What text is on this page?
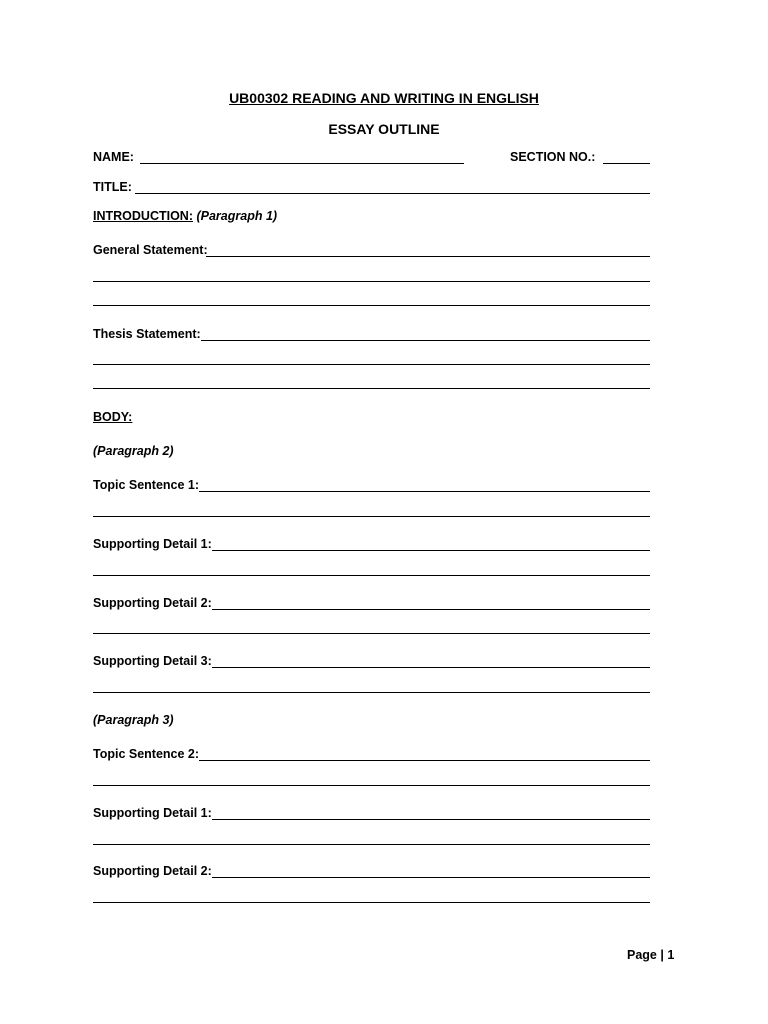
UB00302 READING AND WRITING IN ENGLISH
ESSAY OUTLINE
NAME:	SECTION NO.:
TITLE:
INTRODUCTION: (Paragraph 1)
General Statement:
Thesis Statement:
BODY:
(Paragraph 2)
Topic Sentence 1:
Supporting Detail 1:
Supporting Detail 2:
Supporting Detail 3:
(Paragraph 3)
Topic Sentence 2:
Supporting Detail 1:
Supporting Detail 2:
Page | 1
